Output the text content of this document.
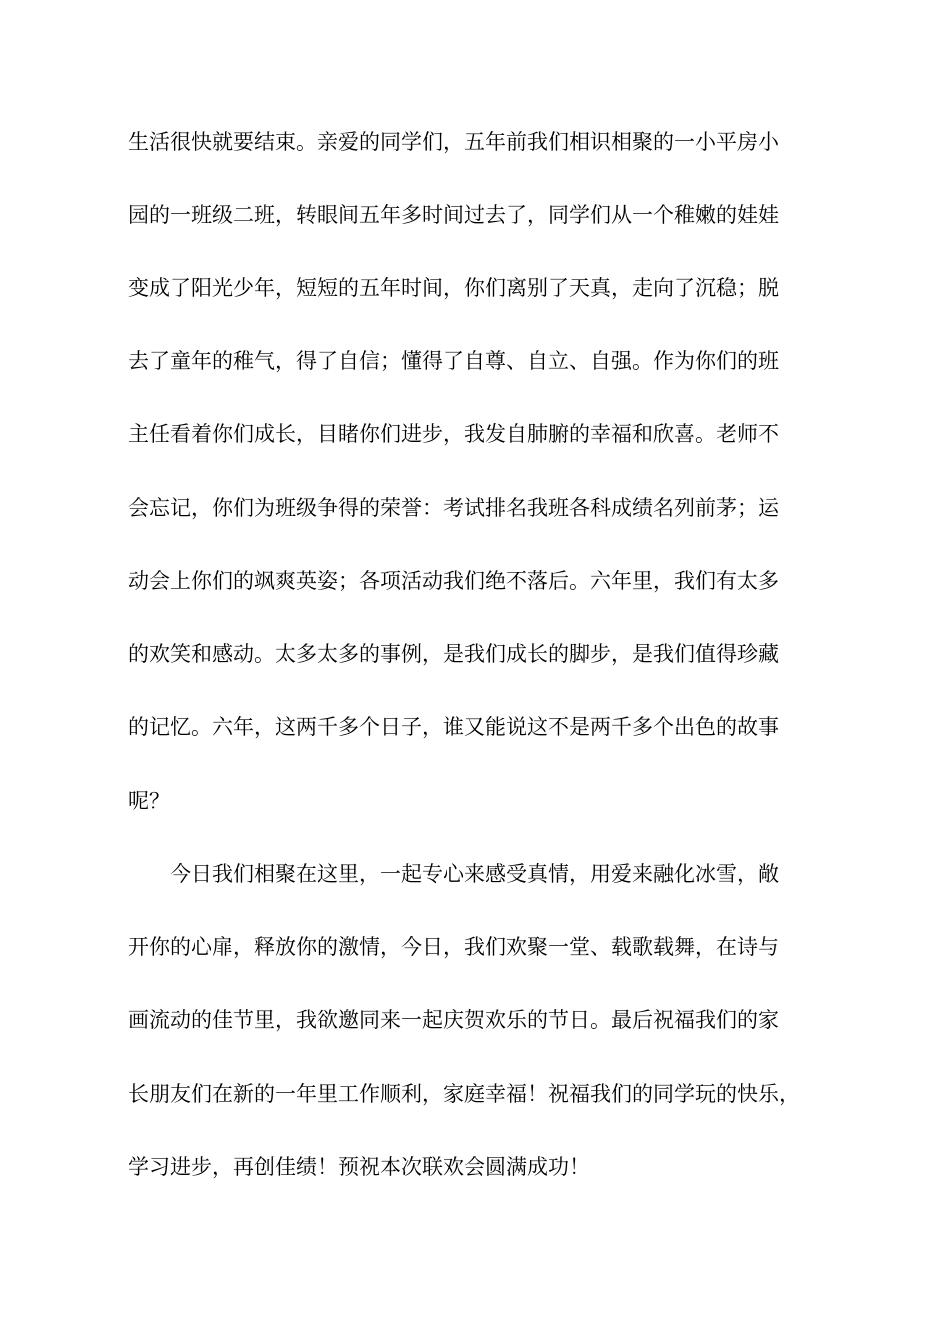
生活很快就要结束。亲爱的同学们，五年前我们相识相聚的一小平房小
园的一班级二班，转眼间五年多时间过去了，同学们从一个稚嫩的娃娃
变成了阳光少年，短短的五年时间，你们离别了天真，走向了沉稳；脱
去了童年的稚气，得了自信；懂得了自尊、自立、自强。作为你们的班
主任看着你们成长，目睹你们进步，我发自肺腑的幸福和欣喜。老师不
会忘记，你们为班级争得的荣誉：考试排名我班各科成绩名列前茅；运
动会上你们的飒爽英姿；各项活动我们绝不落后。六年里，我们有太多
的欢笑和感动。太多太多的事例，是我们成长的脚步，是我们值得珍藏
的记忆。六年，这两千多个日子，谁又能说这不是两千多个出色的故事
呢？
今日我们相聚在这里，一起专心来感受真情，用爱来融化冰雪，敞
开你的心扉，释放你的激情，今日，我们欢聚一堂、载歌载舞，在诗与
画流动的佳节里，我欲邀同来一起庆贺欢乐的节日。最后祝福我们的家
长朋友们在新的一年里工作顺利，家庭幸福！祝福我们的同学玩的快乐，
学习进步，再创佳绩！预祝本次联欢会圆满成功！
